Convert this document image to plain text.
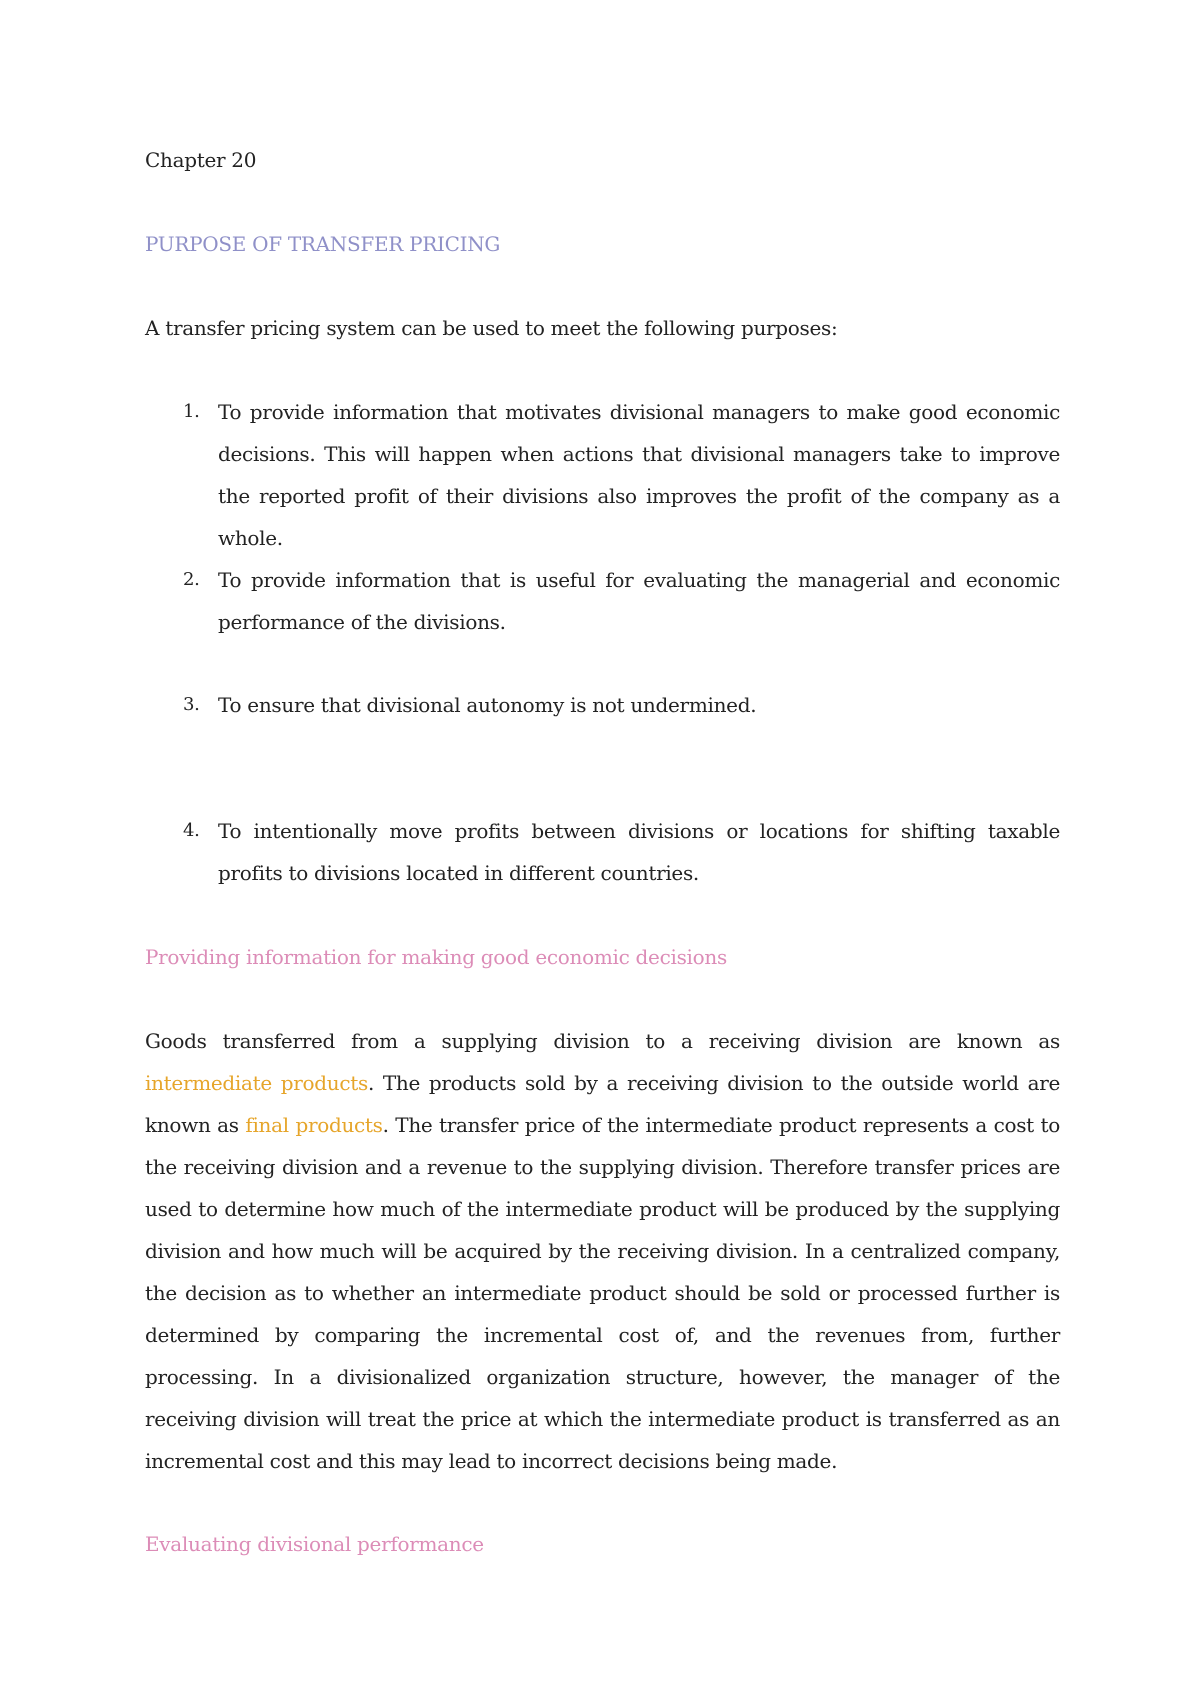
Chapter 20

PURPOSE OF TRANSFER PRICING

A transfer pricing system can be used to meet the following purposes:

1. To provide information that motivates divisional managers to make good economic decisions. This will happen when actions that divisional managers take to improve the reported profit of their divisions also improves the profit of the company as a whole.
2. To provide information that is useful for evaluating the managerial and economic performance of the divisions.
3. To ensure that divisional autonomy is not undermined.
4. To intentionally move profits between divisions or locations for shifting taxable profits to divisions located in different countries.

Providing information for making good economic decisions

Goods transferred from a supplying division to a receiving division are known as intermediate products. The products sold by a receiving division to the outside world are known as final products. The transfer price of the intermediate product represents a cost to the receiving division and a revenue to the supplying division. Therefore transfer prices are used to determine how much of the intermediate product will be produced by the supplying division and how much will be acquired by the receiving division. In a centralized company, the decision as to whether an intermediate product should be sold or processed further is determined by comparing the incremental cost of, and the revenues from, further processing. In a divisionalized organization structure, however, the manager of the receiving division will treat the price at which the intermediate product is transferred as an incremental cost and this may lead to incorrect decisions being made.

Evaluating divisional performance
